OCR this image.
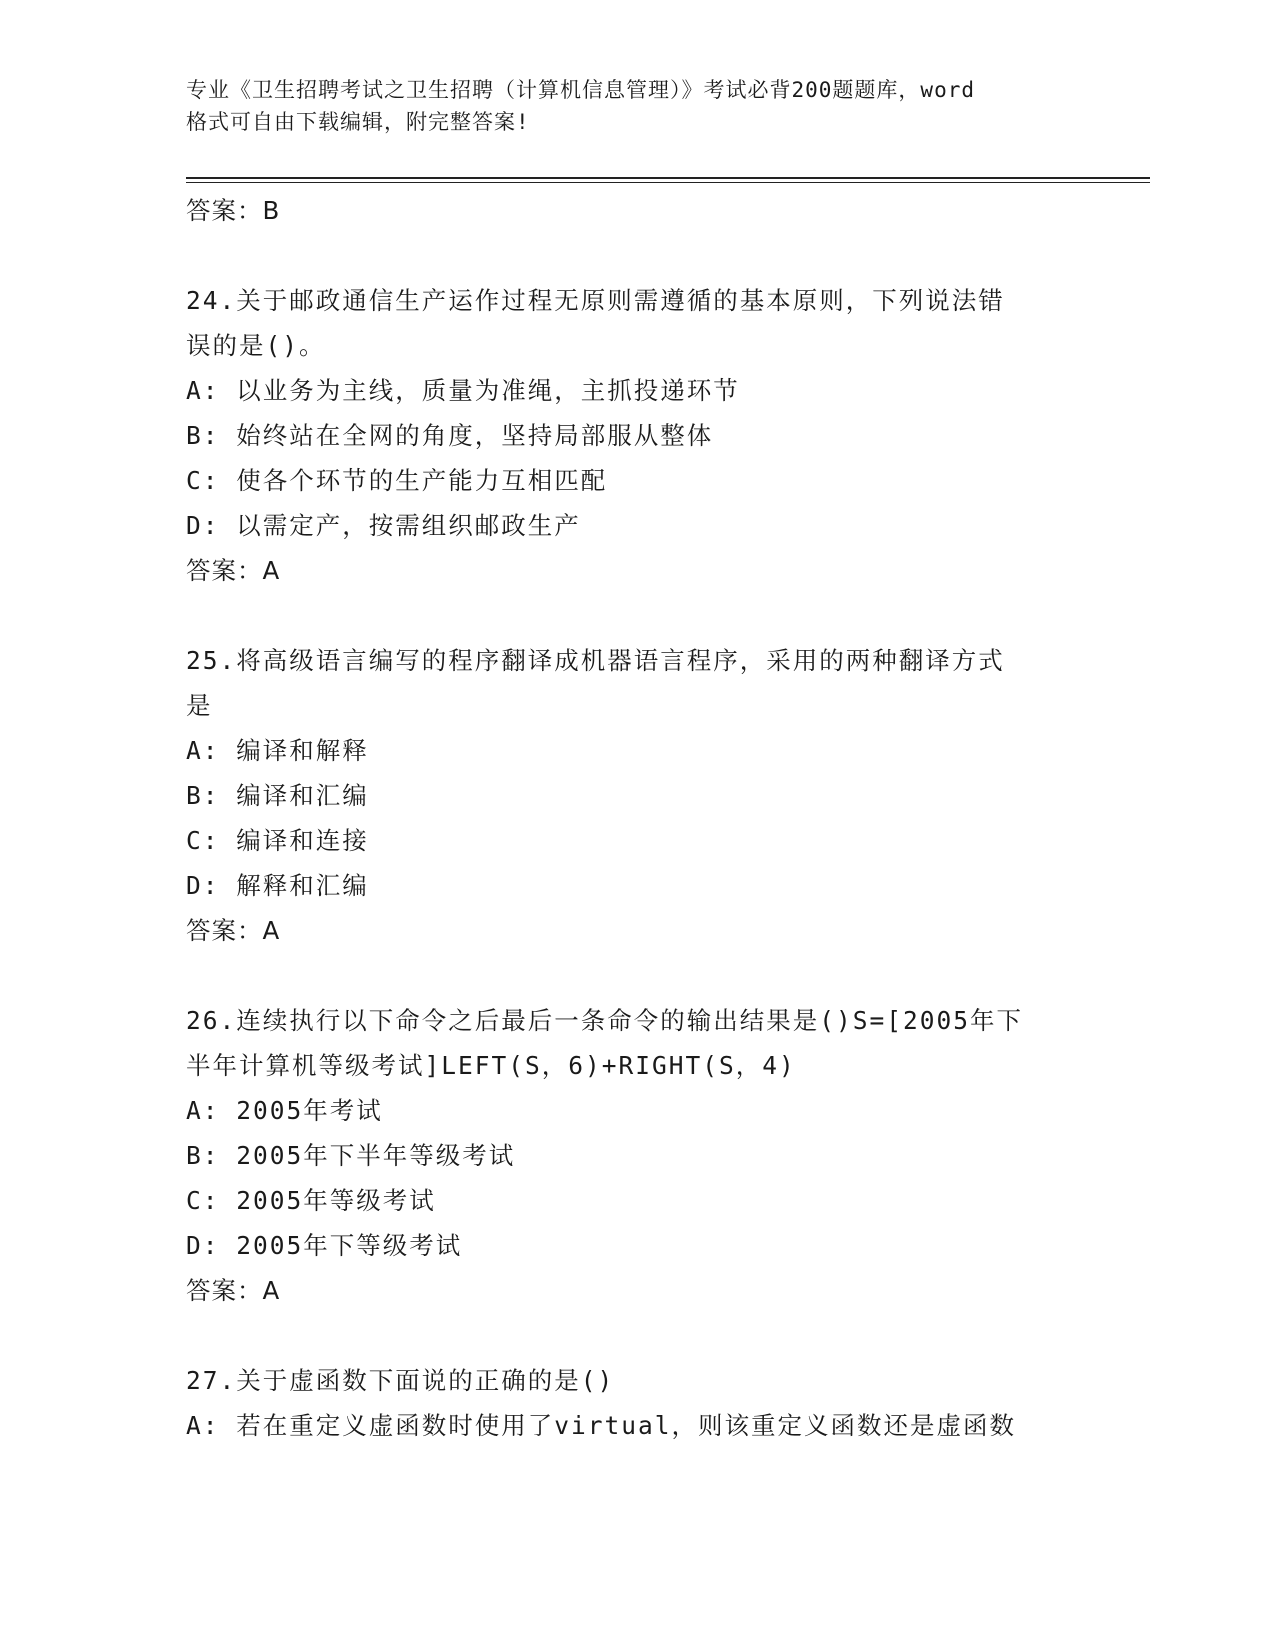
专业《卫生招聘考试之卫生招聘（计算机信息管理）》考试必背200题题库，word
格式可自由下载编辑，附完整答案!
答案：B
24.关于邮政通信生产运作过程无原则需遵循的基本原则，下列说法错
误的是()。
A: 以业务为主线，质量为准绳，主抓投递环节
B: 始终站在全网的角度，坚持局部服从整体
C: 使各个环节的生产能力互相匹配
D: 以需定产，按需组织邮政生产
答案：A
25.将高级语言编写的程序翻译成机器语言程序，采用的两种翻译方式
是
A: 编译和解释
B: 编译和汇编
C: 编译和连接
D: 解释和汇编
答案：A
26.连续执行以下命令之后最后一条命令的输出结果是()S=[2005年下
半年计算机等级考试]LEFT(S，6)+RIGHT(S，4)
A: 2005年考试
B: 2005年下半年等级考试
C: 2005年等级考试
D: 2005年下等级考试
答案：A
27.关于虚函数下面说的正确的是()
A: 若在重定义虚函数时使用了virtual，则该重定义函数还是虚函数
